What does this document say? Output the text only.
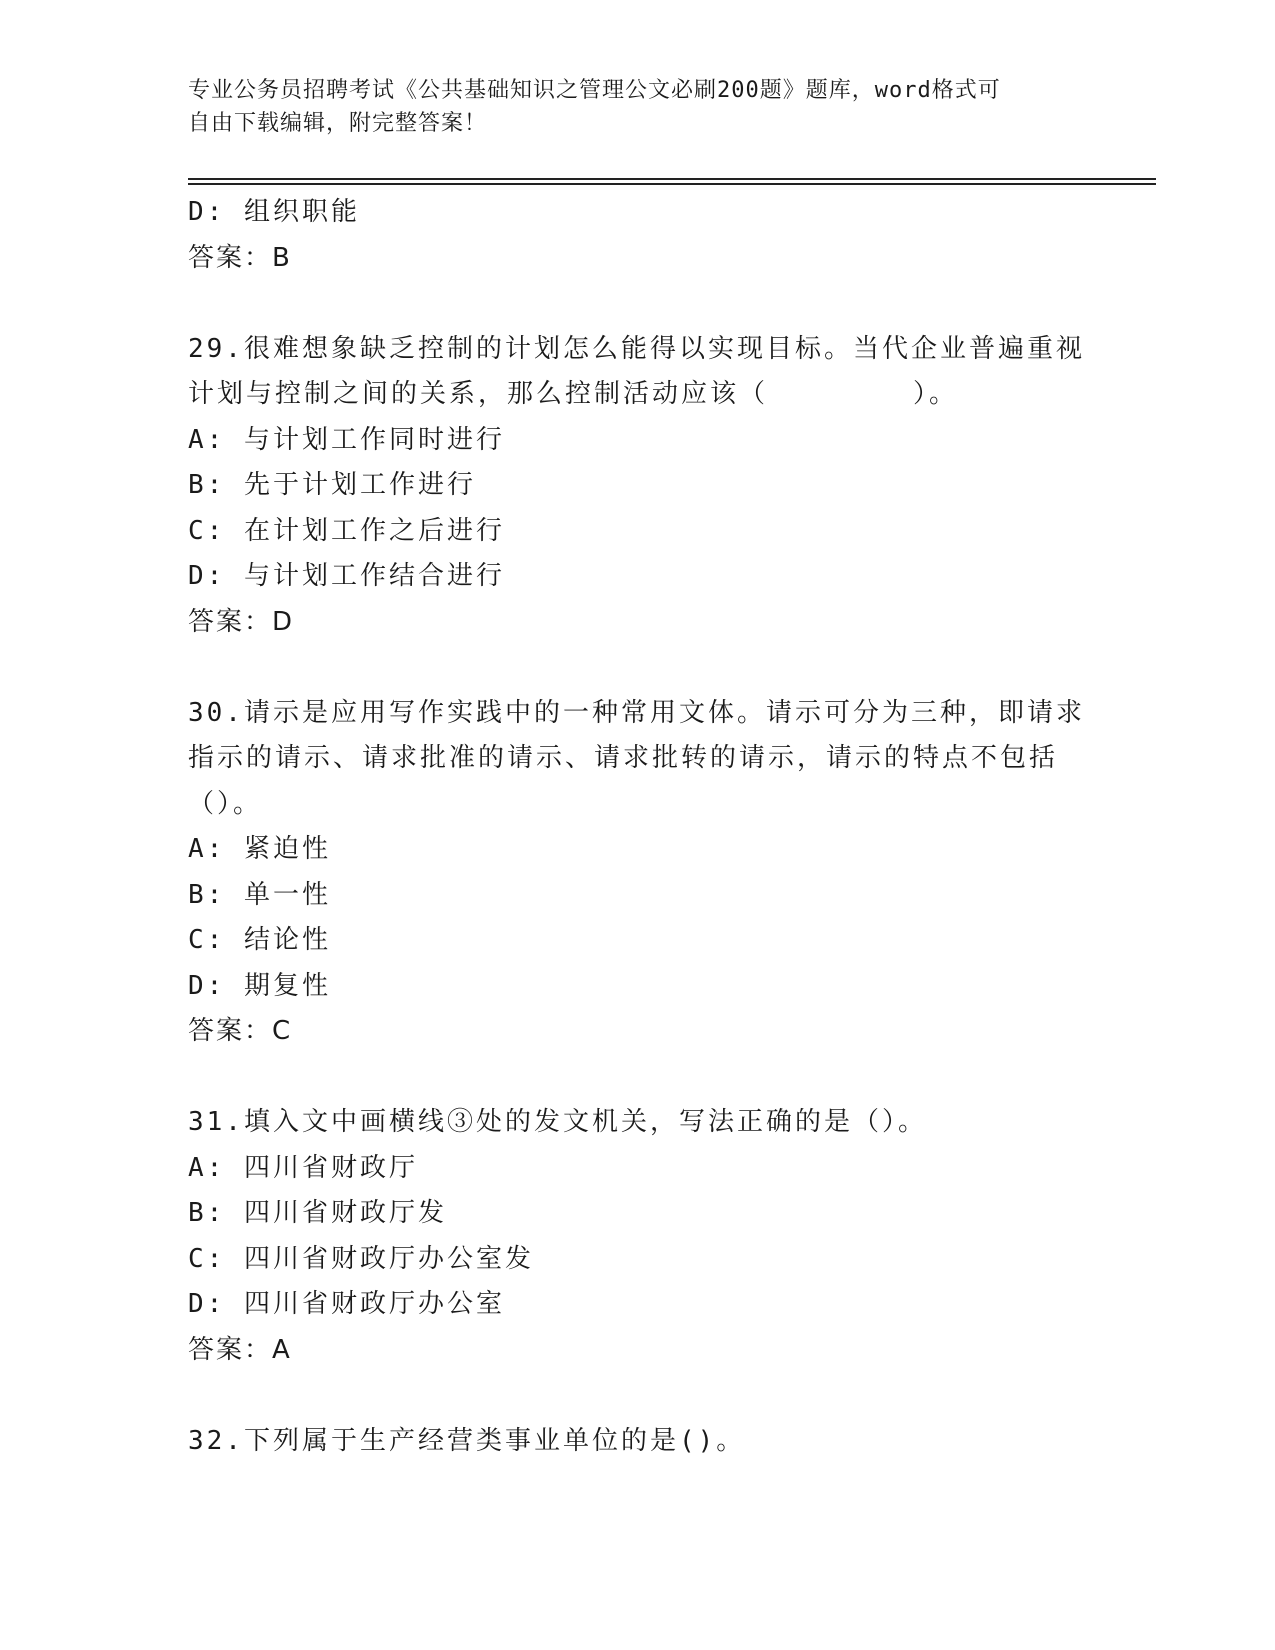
专业公务员招聘考试《公共基础知识之管理公文必刷200题》题库，word格式可
自由下载编辑，附完整答案！
D: 组织职能
答案：B
29.很难想象缺乏控制的计划怎么能得以实现目标。当代企业普遍重视
计划与控制之间的关系，那么控制活动应该（　　　　　）。
A: 与计划工作同时进行
B: 先于计划工作进行
C: 在计划工作之后进行
D: 与计划工作结合进行
答案：D
30.请示是应用写作实践中的一种常用文体。请示可分为三种，即请求
指示的请示、请求批准的请示、请求批转的请示，请示的特点不包括
（）。
A: 紧迫性
B: 单一性
C: 结论性
D: 期复性
答案：C
31.填入文中画横线③处的发文机关，写法正确的是（）。
A: 四川省财政厅
B: 四川省财政厅发
C: 四川省财政厅办公室发
D: 四川省财政厅办公室
答案：A
32.下列属于生产经营类事业单位的是()。
